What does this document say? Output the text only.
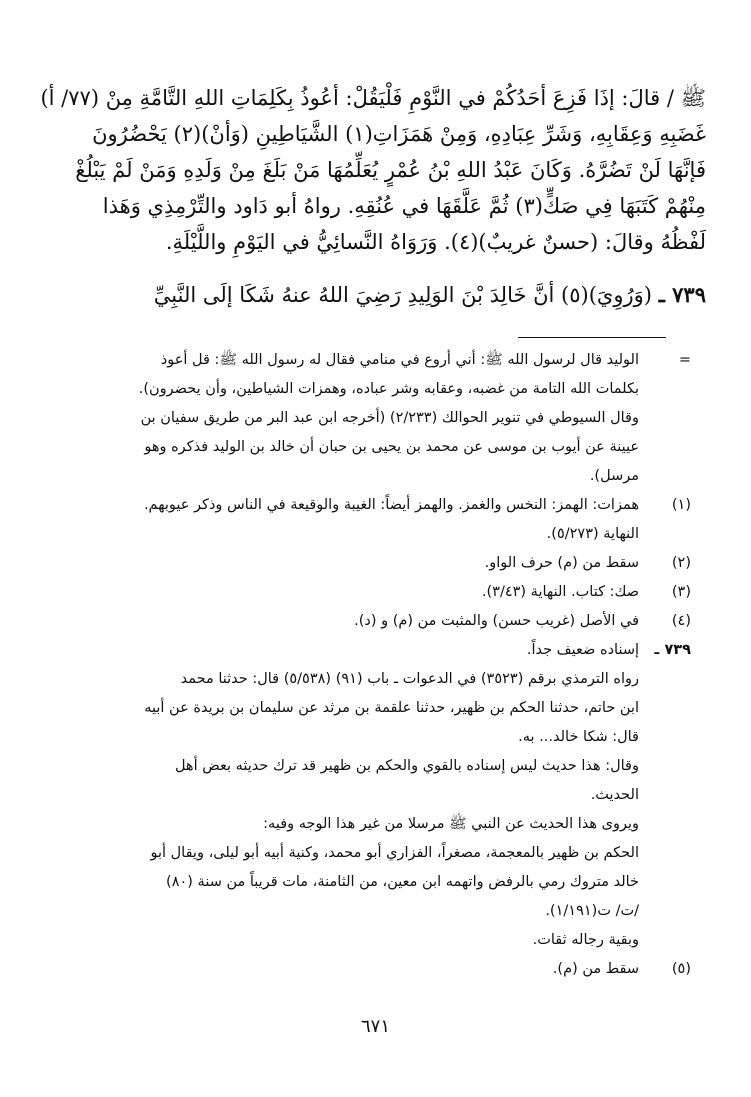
ﷺ / قالَ: إذَا فَزِعَ أحَدُكُمْ في النَّوْمِ فَلْيَقُلْ: أعُوذُ بِكَلِمَاتِ اللهِ التَّامَّةِ مِنْ (٧٧/ أ)
غَضَبِهِ وَعِقَابِهِ، وَشَرِّ عِبَادِهِ، وَمِنْ هَمَزَاتِ(١) الشَّيَاطِينِ (وَأنْ)(٢) يَحْضُرُونَ
فَإنَّهَا لَنْ تَضُرَّهُ. وَكَانَ عَبْدُ اللهِ بْنُ عُمْرٍ يُعَلِّمُهَا مَنْ بَلَغَ مِنْ وَلَدِهِ وَمَنْ لَمْ يَبْلُغْ
مِنْهُمْ كَتَبَهَا فِي صَكٍّ(٣) ثُمَّ عَلَّقَهَا في عُنُقِهِ. رواهُ أبو دَاود والتِّرْمِذِي وَهَذا
لَفْظُهُ وقالَ: (حسنٌ غريبٌ)(٤). وَرَوَاهُ النَّسائِيُّ في اليَوْمِ واللَّيْلَةِ.
٧٣٩ ـ (وَرُوِيَ)(٥) أنَّ خَالِدَ بْنَ الوَلِيدِ رَضِيَ اللهُ عنهُ شَكَا إلَى النَّبِيِّ
=
الوليد قال لرسول الله ﷺ: أني أروع في منامي فقال له رسول الله ﷺ: قل أعوذ
بكلمات الله التامة من غضبه، وعقابه وشر عباده، وهمزات الشياطين، وأن يحضرون).
وقال السيوطي في تنوير الحوالك (٢/٢٣٣) (أخرجه ابن عبد البر من طريق سفيان بن
عيينة عن أيوب بن موسى عن محمد بن يحيى بن حبان أن خالد بن الوليد فذكره وهو
مرسل).
(١)
همزات: الهمز: النخس والغمز. والهمز أيضاً: الغيبة والوقيعة في الناس وذكر عيوبهم.
النهاية (٥/٢٧٣).
(٢)
سقط من (م) حرف الواو.
(٣)
صك: كتاب. النهاية (٣/٤٣).
(٤)
في الأصل (غريب حسن) والمثبت من (م) و (د).
٧٣٩ ـ
إسناده ضعيف جداً.
رواه الترمذي برقم (٣٥٢٣) في الدعوات ـ باب (٩١) (٥/٥٣٨) قال: حدثنا محمد
ابن حاتم، حدثنا الحكم بن ظهير، حدثنا علقمة بن مرثد عن سليمان بن بريدة عن أبيه
قال: شكا خالد... به.
وقال: هذا حديث ليس إسناده بالقوي والحكم بن ظهير قد ترك حديثه بعض أهل
الحديث.
ويروى هذا الحديث عن النبي ﷺ مرسلا من غير هذا الوجه وفيه:
الحكم بن ظهير بالمعجمة، مصغراً، الفزاري أبو محمد، وكنية أبيه أبو ليلى، ويقال أبو
خالد متروك رمي بالرفض واتهمه ابن معين، من الثامنة، مات قريباً من سنة (٨٠)
/ت/ ت(١/١٩١).
وبقية رجاله ثقات.
(٥)
سقط من (م).
٦٧١
